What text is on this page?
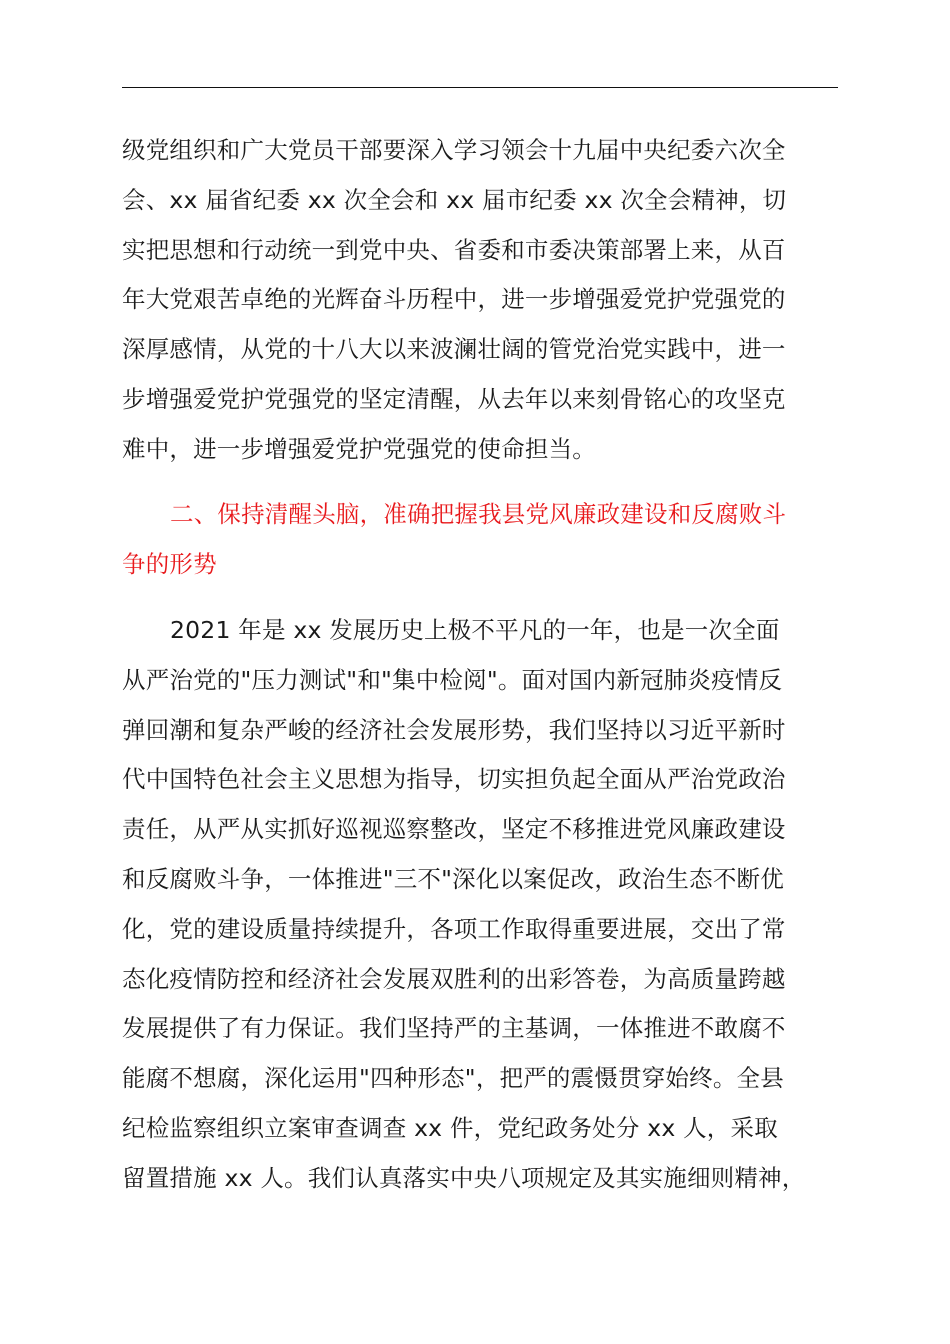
级党组织和广大党员干部要深入学习领会十九届中央纪委六次全
会、xx 届省纪委 xx 次全会和 xx 届市纪委 xx 次全会精神，切
实把思想和行动统一到党中央、省委和市委决策部署上来，从百
年大党艰苦卓绝的光辉奋斗历程中，进一步增强爱党护党强党的
深厚感情，从党的十八大以来波澜壮阔的管党治党实践中，进一
步增强爱党护党强党的坚定清醒，从去年以来刻骨铭心的攻坚克
难中，进一步增强爱党护党强党的使命担当。
二、保持清醒头脑，准确把握我县党风廉政建设和反腐败斗
争的形势
2021 年是 xx 发展历史上极不平凡的一年，也是一次全面
从严治党的"压力测试"和"集中检阅"。面对国内新冠肺炎疫情反
弹回潮和复杂严峻的经济社会发展形势，我们坚持以习近平新时
代中国特色社会主义思想为指导，切实担负起全面从严治党政治
责任，从严从实抓好巡视巡察整改，坚定不移推进党风廉政建设
和反腐败斗争，一体推进"三不"深化以案促改，政治生态不断优
化，党的建设质量持续提升，各项工作取得重要进展，交出了常
态化疫情防控和经济社会发展双胜利的出彩答卷，为高质量跨越
发展提供了有力保证。我们坚持严的主基调，一体推进不敢腐不
能腐不想腐，深化运用"四种形态"，把严的震慑贯穿始终。全县
纪检监察组织立案审查调查 xx 件，党纪政务处分 xx 人，采取
留置措施 xx 人。我们认真落实中央八项规定及其实施细则精神，
